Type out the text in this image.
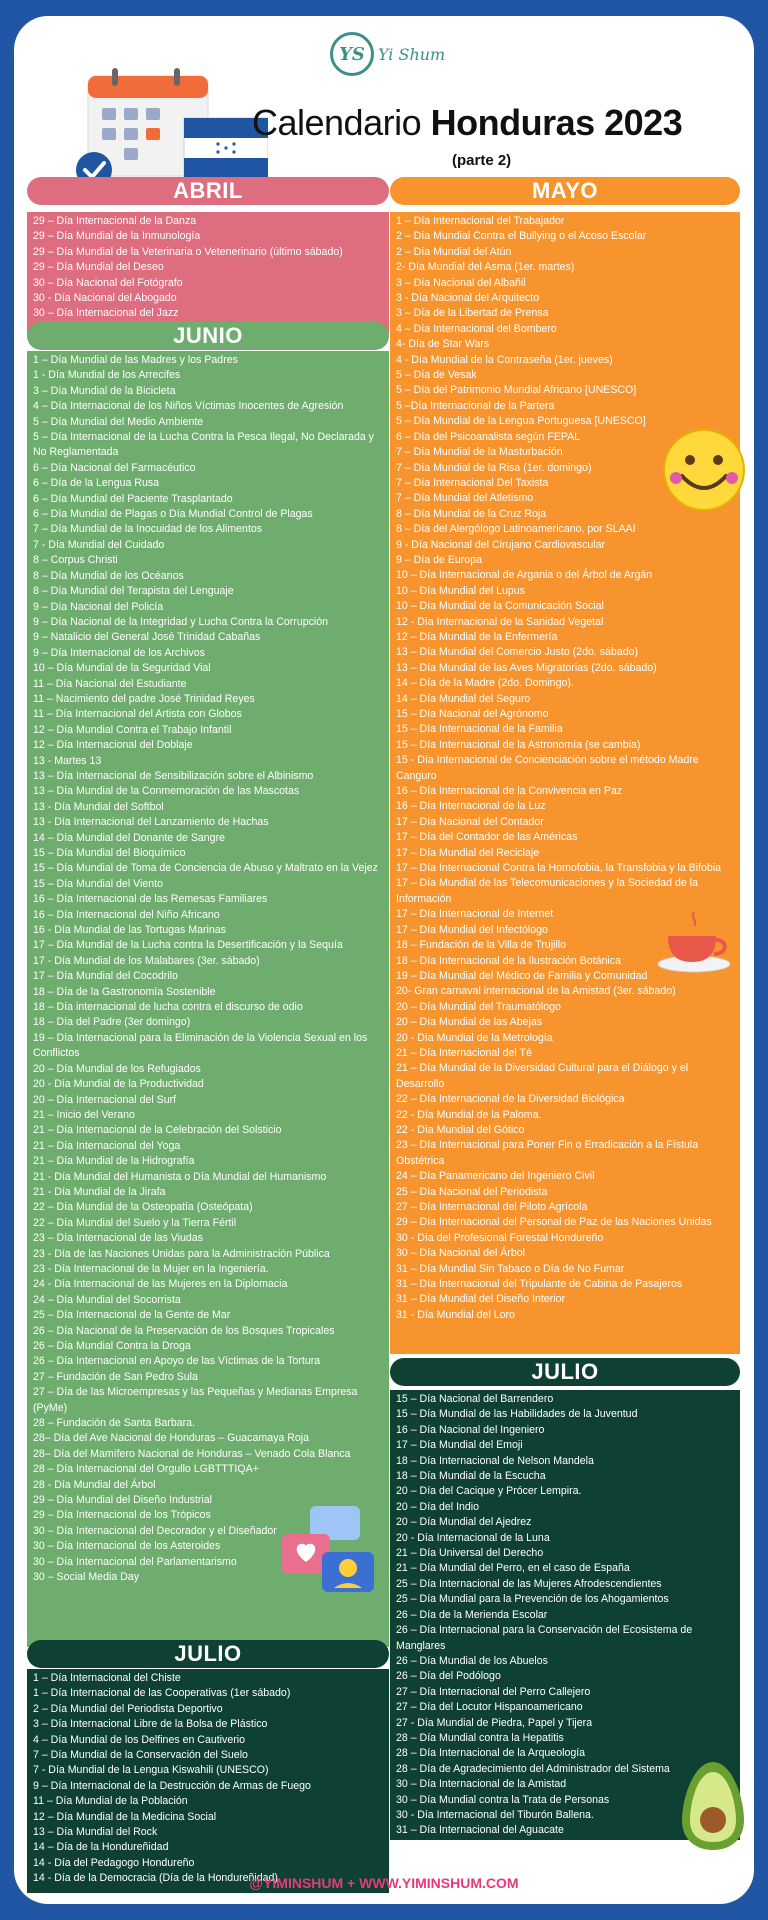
YS Yi Shum
Calendario Honduras 2023
(parte 2)
ABRIL
29 – Día Internacional de la Danza
29 – Día Mundial de la Inmunología
29 – Día Mundial de la Veterinaria o Vetenerinario (último sábado)
29 – Día Mundial del Deseo
30 – Día Nacional del Fotógrafo
30 - Día Nacional del Abogado
30 – Día Internacional del Jazz
JUNIO
1 – Día Mundial de las Madres y los Padres
1 - Día Mundial de los Arrecifes
3 – Día Mundial de la Bicicleta
4 – Día Internacional de los Niños Víctimas Inocentes de Agresión
5 – Día Mundial del Medio Ambiente
5 – Día Internacional de la Lucha Contra la Pesca Ilegal, No Declarada y No Reglamentada
6 – Día Nacional del Farmacéutico
6 – Día de la Lengua Rusa
6 – Día Mundial del Paciente Trasplantado
6 – Día Mundial de Plagas o Día Mundial Control de Plagas
7 – Día Mundial de la Inocuidad de los Alimentos
7 - Día Mundial del Cuidado
8 – Corpus Christi
8 – Día Mundial de los Océanos
8 – Día Mundial del Terapista del Lenguaje
9 – Día Nacional del Policía
9 – Día Nacional de la Integridad y Lucha Contra la Corrupción
9 – Natalicio del General José Trinidad Cabañas
9 – Día Internacional de los Archivos
10 – Día Mundial de la Seguridad Vial
11 – Día Nacional del Estudiante
11 – Nacimiento del padre José Trinidad Reyes
11 – Día Internacional del Artista con Globos
12 – Día Mundial Contra el Trabajo Infantil
12 – Día Internacional del Doblaje
13 - Martes 13
13 – Día Internacional de Sensibilización sobre el Albinismo
13 – Día Mundial de la Conmemoración de las Mascotas
13 - Día Mundial del Softbol
13 - Día Internacional del Lanzamiento de Hachas
14 – Día Mundial del Donante de Sangre
15 – Día Mundial del Bioquímico
15 – Día Mundial de Toma de Conciencia de Abuso y Maltrato en la Vejez
15 – Día Mundial del Viento
16 – Día Internacional de las Remesas Familiares
16 – Día Internacional del Niño Africano
16 - Día Mundial de las Tortugas Marinas
17 – Día Mundial de la Lucha contra la Desertificación y la Sequía
17 - Día Mundial de los Malabares (3er. sábado)
17 – Día Mundial del Cocodrilo
18 – Día de la Gastronomía Sostenible
18 – Día internacional de lucha contra el discurso de odio
18 – Día del Padre (3er domingo)
19 – Día Internacional para la Eliminación de la Violencia Sexual en los Conflictos
20 – Día Mundial de los Refugiados
20 - Día Mundial de la Productividad
20 – Día Internacional del Surf
21 – Inicio del Verano
21 – Día Internacional de la Celebración del Solsticio
21 – Día Internacional del Yoga
21 – Día Mundial de la Hidrografía
21 - Día Mundial del Humanista o Día Mundial del Humanismo
21 - Día Mundial de la Jirafa
22 – Día Mundial de la Osteopatía (Osteópata)
22 – Día Mundial del Suelo y la Tierra Fértil
23 – Día Internacional de las Viudas
23 - Día de las Naciones Unidas para la Administración Pública
23 - Día Internacional de la Mujer en la Ingeniería.
24 - Día Internacional de las Mujeres en la Diplomacia
24 – Día Mundial del Socorrista
25 – Día Internacional de la Gente de Mar
26 – Día Nacional de la Preservación de los Bosques Tropicales
26 – Día Mundial Contra la Droga
26 – Día Internacional en Apoyo de las Víctimas de la Tortura
27 – Fundación de San Pedro Sula
27 – Día de las Microempresas y las Pequeñas y Medianas Empresa (PyMe)
28 – Fundación de Santa Barbara.
28– Día del Ave Nacional de Honduras – Guacamaya Roja
28– Día del Mamífero Nacional de Honduras – Venado Cola Blanca
28 – Día Internacional del Orgullo LGBTTTIQA+
28 - Día Mundial del Árbol
29 – Día Mundial del Diseño Industrial
29 – Día Internacional de los Trópicos
30 – Día Internacional del Decorador y el Diseñador
30 – Día Internacional de los Asteroides
30 – Día Internacional del Parlamentarismo
30 – Social Media Day
JULIO
1 – Día Internacional del Chiste
1 – Día Internacional de las Cooperativas (1er sábado)
2 – Día Mundial del Periodista Deportivo
3 – Día Internacional Libre de la Bolsa de Plástico
4 – Día Mundial de los Delfines en Cautiverio
7 – Día Mundial de la Conservación del Suelo
7 - Día Mundial de la Lengua Kiswahili (UNESCO)
9 – Día Internacional de la Destrucción de Armas de Fuego
11 – Día Mundial de la Población
12 – Día Mundial de la Medicina Social
13 – Día Mundial del Rock
14 – Día de la Hondureñidad
14 - Día del Pedagogo Hondureño
14 - Día de la Democracia (Día de la Hondureñidad).
MAYO
1 – Día Internacional del Trabajador
2 – Día Mundial Contra el Bullying o el Acoso Escolar
2 – Día Mundial del Atún
2- Día Mundial del Asma (1er. martes)
3 – Día Nacional del Albañil
3 - Día Nacional del Arquitecto
3 – Día de la Libertad de Prensa
4 – Día Internacional del Bombero
4- Día de Star Wars
4 - Día Mundial de la Contraseña (1er. jueves)
5 – Día de Vesak
5 – Día del Patrimonio Mundial Africano [UNESCO]
5 –Día Internacional de la Partera
5 – Día Mundial de la Lengua Portuguesa [UNESCO]
6 – Día del Psicoanalista según FEPAL
7 – Día Mundial de la Masturbación
7 – Día Mundial de la Risa (1er. domingo)
7 – Día Internacional Del Taxista
7 – Día Mundial del Atletismo
8 – Día Mundial de la Cruz Roja
8 – Día del Alergólogo Latinoamericano, por SLAAI
9 - Día Nacional del Cirujano Cardiovascular
9 – Día de Europa
10 – Día Internacional de Argania o del Árbol de Argán
10 – Día Mundial del Lupus
10 – Día Mundial de la Comunicación Social
12 - Día Internacional de la Sanidad Vegetal
12 – Día Mundial de la Enfermería
13 – Día Mundial del Comercio Justo (2do. sábado)
13 – Día Mundial de las Aves Migratorias (2do. sábado)
14 – Día de la Madre (2do. Domingo).
14 – Día Mundial del Seguro
15 – Día Nacional del Agrónomo
15 – Día Internacional de la Familia
15 – Día Internacional de la Astronomía (se cambia)
15 - Día Internacional de Concienciación sobre el método Madre Canguro
16 – Día Internacional de la Convivencia en Paz
16 – Día Internacional de la Luz
17 – Día Nacional del Contador
17 – Día del Contador de las Américas
17 – Día Mundial del Reciclaje
17 – Día Internacional Contra la Homofobia, la Transfobia y la Bifobia
17 – Día Mundial de las Telecomunicaciones y la Sociedad de la Información
17 – Día Internacional de Internet
17 – Día Mundial del Infectólogo
18 – Fundación de la Villa de Trujillo
18 – Día Internacional de la Ilustración Botánica
19 – Día Mundial del Médico de Familia y Comunidad
20- Gran carnaval internacional de la Amistad (3er. sábado)
20 – Día Mundial del Traumatólogo
20 – Día Mundial de las Abejas
20 - Día Mundial de la Metrología
21 – Día Internacional del Té
21 – Día Mundial de la Diversidad Cultural para el Diálogo y el Desarrollo
22 – Día Internacional de la Diversidad Biológica
22 - Día Mundial de la Paloma.
22 - Día Mundial del Gótico
23 – Día Internacional para Poner Fin o Erradicación a la Fístula Obstétrica
24 – Día Panamericano del Ingeniero Civil
25 – Día Nacional del Periodista
27 – Día Internacional del Piloto Agrícola
29 – Día Internacional del Personal de Paz de las Naciones Unidas
30 - Día del Profesional Forestal Hondureño
30 – Día Nacional del Árbol
31 – Día Mundial Sin Tabaco o Día de No Fumar
31 – Día Internacional del Tripulante de Cabina de Pasajeros
31 – Día Mundial del Diseño Interior
31 - Día Mundial del Loro
JULIO
15 – Día Nacional del Barrendero
15 – Día Mundial de las Habilidades de la Juventud
16 – Día Nacional del Ingeniero
17 – Día Mundial del Emoji
18 – Día Internacional de Nelson Mandela
18 – Día Mundial de la Escucha
20 – Día del Cacique y Prócer Lempira.
20 – Día del Indio
20 – Día Mundial del Ajedrez
20 - Día Internacional de la Luna
21 – Día Universal del Derecho
21 – Día Mundial del Perro, en el caso de España
25 – Día Internacional de las Mujeres Afrodescendientes
25 – Día Mundial para la Prevención de los Ahogamientos
26 – Día de la Merienda Escolar
26 – Día Internacional para la Conservación del Ecosistema de Manglares
26 – Día Mundial de los Abuelos
26 – Día del Podólogo
27 – Día Internacional del Perro Callejero
27 – Día del Locutor Hispanoamericano
27 - Día Mundial de Piedra, Papel y Tijera
28 – Día Mundial contra la Hepatitis
28 – Día Internacional de la Arqueología
28 – Día de Agradecimiento del Administrador del Sistema
30 – Día Internacional de la Amistad
30 – Día Mundial contra la Trata de Personas
30 - Día Internacional del Tiburón Ballena.
31 – Día Internacional del Aguacate
@YIMINSHUM + WWW.YIMINSHUM.COM
